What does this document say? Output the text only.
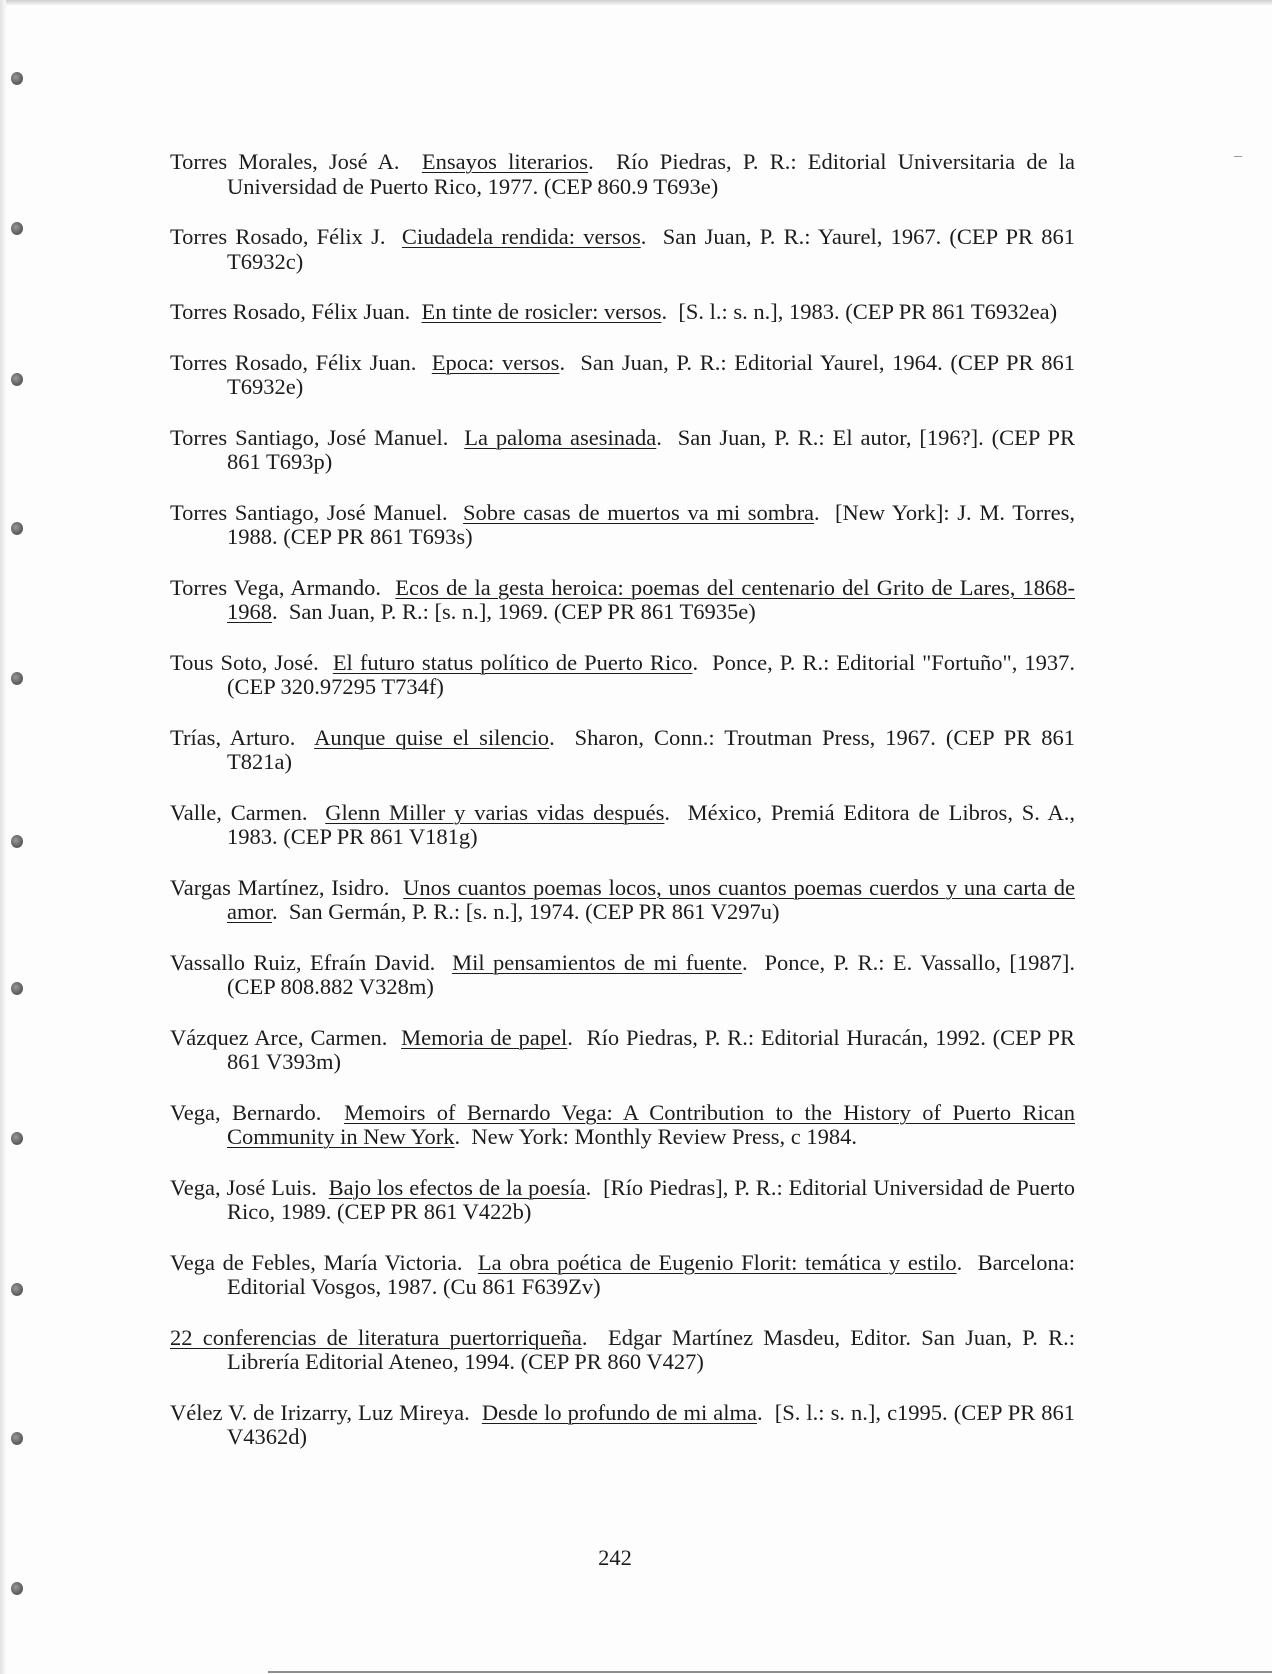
Torres Morales, José A. Ensayos literarios.  Río Piedras, P. R.: Editorial Universitaria de la Universidad de Puerto Rico, 1977. (CEP 860.9 T693e)

Torres Rosado, Félix J. Ciudadela rendida: versos.  San Juan, P. R.: Yaurel, 1967. (CEP PR 861 T6932c)

Torres Rosado, Félix Juan. En tinte de rosicler: versos.  [S. l.: s. n.], 1983. (CEP PR 861 T6932ea)

Torres Rosado, Félix Juan. Epoca: versos.  San Juan, P. R.: Editorial Yaurel, 1964. (CEP PR 861 T6932e)

Torres Santiago, José Manuel. La paloma asesinada.  San Juan, P. R.: El autor, [196?]. (CEP PR 861 T693p)

Torres Santiago, José Manuel. Sobre casas de muertos va mi sombra.  [New York]: J. M. Torres, 1988. (CEP PR 861 T693s)

Torres Vega, Armando. Ecos de la gesta heroica: poemas del centenario del Grito de Lares, 1868-1968.  San Juan, P. R.: [s. n.], 1969. (CEP PR 861 T6935e)

Tous Soto, José. El futuro status político de Puerto Rico.  Ponce, P. R.: Editorial "Fortuño", 1937. (CEP 320.97295 T734f)

Trías, Arturo. Aunque quise el silencio.  Sharon, Conn.: Troutman Press, 1967. (CEP PR 861 T821a)

Valle, Carmen. Glenn Miller y varias vidas después.  México, Premiá Editora de Libros, S. A., 1983. (CEP PR 861 V181g)

Vargas Martínez, Isidro. Unos cuantos poemas locos, unos cuantos poemas cuerdos y una carta de amor.  San Germán, P. R.: [s. n.], 1974. (CEP PR 861 V297u)

Vassallo Ruiz, Efraín David. Mil pensamientos de mi fuente.  Ponce, P. R.: E. Vassallo, [1987]. (CEP 808.882 V328m)

Vázquez Arce, Carmen. Memoria de papel.  Río Piedras, P. R.: Editorial Huracán, 1992. (CEP PR 861 V393m)

Vega, Bernardo. Memoirs of Bernardo Vega: A Contribution to the History of Puerto Rican Community in New York.  New York: Monthly Review Press, c 1984.

Vega, José Luis. Bajo los efectos de la poesía.  [Río Piedras], P. R.: Editorial Universidad de Puerto Rico, 1989. (CEP PR 861 V422b)

Vega de Febles, María Victoria. La obra poética de Eugenio Florit: temática y estilo.  Barcelona: Editorial Vosgos, 1987. (Cu 861 F639Zv)

22 conferencias de literatura puertorriqueña.  Edgar Martínez Masdeu, Editor. San Juan, P. R.: Librería Editorial Ateneo, 1994. (CEP PR 860 V427)

Vélez V. de Irizarry, Luz Mireya. Desde lo profundo de mi alma.  [S. l.: s. n.], c1995. (CEP PR 861 V4362d)

242
